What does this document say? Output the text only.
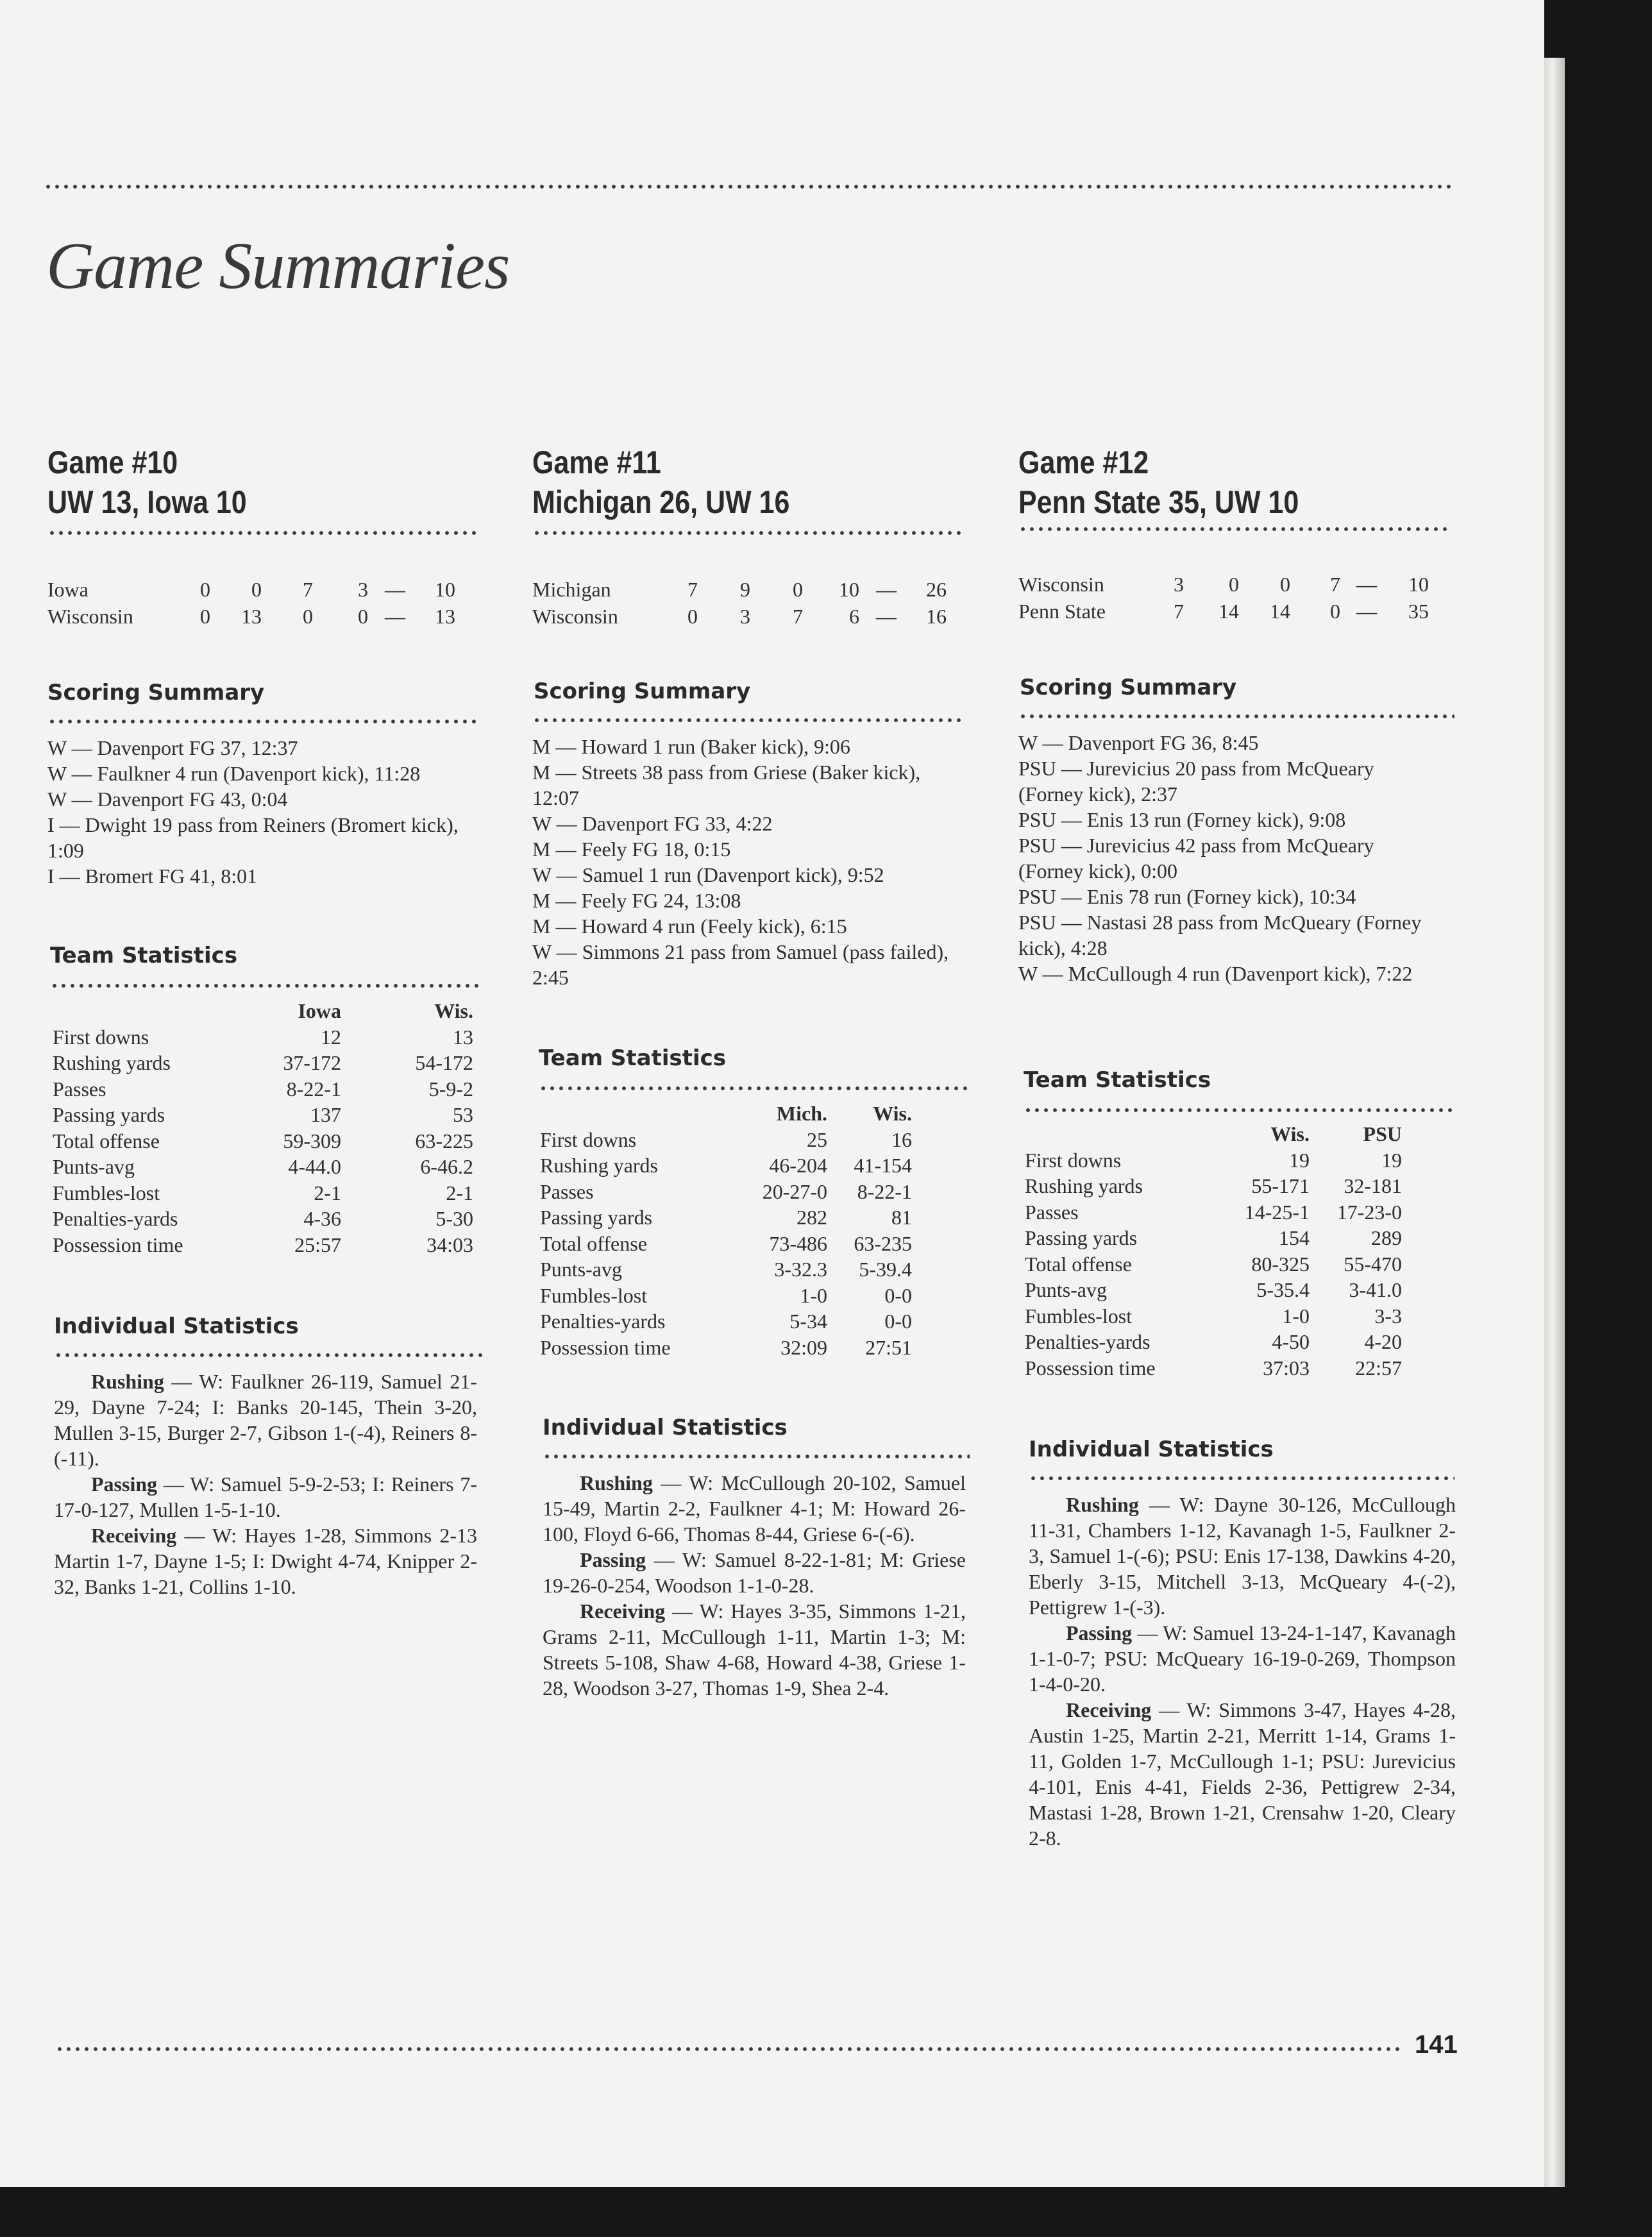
Game Summaries
Game #10
UW 13, Iowa 10
Iowa	0	0	7	3	—	10
Wisconsin	0	13	0	0	—	13
Scoring Summary

W — Davenport FG 37, 12:37

W — Faulkner 4 run (Davenport kick), 11:28

W — Davenport FG 43, 0:04

I — Dwight 19 pass from Reiners (Bromert kick), 1:09

I — Bromert FG 41, 8:01

Team Statistics
	Iowa	Wis.
First downs	12	13
Rushing yards	37-172	54-172
Passes	8-22-1	5-9-2
Passing yards	137	53
Total offense	59-309	63-225
Punts-avg	4-44.0	6-46.2
Fumbles-lost	2-1	2-1
Penalties-yards	4-36	5-30
Possession time	25:57	34:03
Individual Statistics

Rushing — W: Faulkner 26-119, Samuel 21-29, Dayne 7-24; I: Banks 20-145, Thein 3-20, Mullen 3-15, Burger 2-7, Gibson 1-(-4), Reiners 8-(-11).

Passing — W: Samuel 5-9-2-53; I: Reiners 7-17-0-127, Mullen 1-5-1-10.

Receiving — W: Hayes 1-28, Simmons 2-13 Martin 1-7, Dayne 1-5; I: Dwight 4-74, Knipper 2-32, Banks 1-21, Collins 1-10.

Game #11
Michigan 26, UW 16
Michigan	7	9	0	10	—	26
Wisconsin	0	3	7	6	—	16
Scoring Summary

M — Howard 1 run (Baker kick), 9:06

M — Streets 38 pass from Griese (Baker kick), 12:07

W — Davenport FG 33, 4:22

M — Feely FG 18, 0:15

W — Samuel 1 run (Davenport kick), 9:52

M — Feely FG 24, 13:08

M — Howard 4 run (Feely kick), 6:15

W — Simmons 21 pass from Samuel (pass failed), 2:45

Team Statistics
	Mich.	Wis.
First downs	25	16
Rushing yards	46-204	41-154
Passes	20-27-0	8-22-1
Passing yards	282	81
Total offense	73-486	63-235
Punts-avg	3-32.3	5-39.4
Fumbles-lost	1-0	0-0
Penalties-yards	5-34	0-0
Possession time	32:09	27:51
Individual Statistics

Rushing — W: McCullough 20-102, Samuel 15-49, Martin 2-2, Faulkner 4-1; M: Howard 26-100, Floyd 6-66, Thomas 8-44, Griese 6-(-6).

Passing — W: Samuel 8-22-1-81; M: Griese 19-26-0-254, Woodson 1-1-0-28.

Receiving — W: Hayes 3-35, Simmons 1-21, Grams 2-11, McCullough 1-11, Martin 1-3; M: Streets 5-108, Shaw 4-68, Howard 4-38, Griese 1-28, Woodson 3-27, Thomas 1-9, Shea 2-4.

Game #12
Penn State 35, UW 10
Wisconsin	3	0	0	7	—	10
Penn State	7	14	14	0	—	35
Scoring Summary

W — Davenport FG 36, 8:45

PSU — Jurevicius 20 pass from McQueary (Forney kick), 2:37

PSU — Enis 13 run (Forney kick), 9:08

PSU — Jurevicius 42 pass from McQueary (Forney kick), 0:00

PSU — Enis 78 run (Forney kick), 10:34

PSU — Nastasi 28 pass from McQueary (Forney kick), 4:28

W — McCullough 4 run (Davenport kick), 7:22

Team Statistics
	Wis.	PSU
First downs	19	19
Rushing yards	55-171	32-181
Passes	14-25-1	17-23-0
Passing yards	154	289
Total offense	80-325	55-470
Punts-avg	5-35.4	3-41.0
Fumbles-lost	1-0	3-3
Penalties-yards	4-50	4-20
Possession time	37:03	22:57
Individual Statistics

Rushing — W: Dayne 30-126, McCullough 11-31, Chambers 1-12, Kavanagh 1-5, Faulkner 2-3, Samuel 1-(-6); PSU: Enis 17-138, Dawkins 4-20, Eberly 3-15, Mitchell 3-13, McQueary 4-(-2), Pettigrew 1-(-3).

Passing — W: Samuel 13-24-1-147, Kavanagh 1-1-0-7; PSU: McQueary 16-19-0-269, Thompson 1-4-0-20.

Receiving — W: Simmons 3-47, Hayes 4-28, Austin 1-25, Martin 2-21, Merritt 1-14, Grams 1-11, Golden 1-7, McCullough 1-1; PSU: Jurevicius 4-101, Enis 4-41, Fields 2-36, Pettigrew 2-34, Mastasi 1-28, Brown 1-21, Crensahw 1-20, Cleary 2-8.

141
